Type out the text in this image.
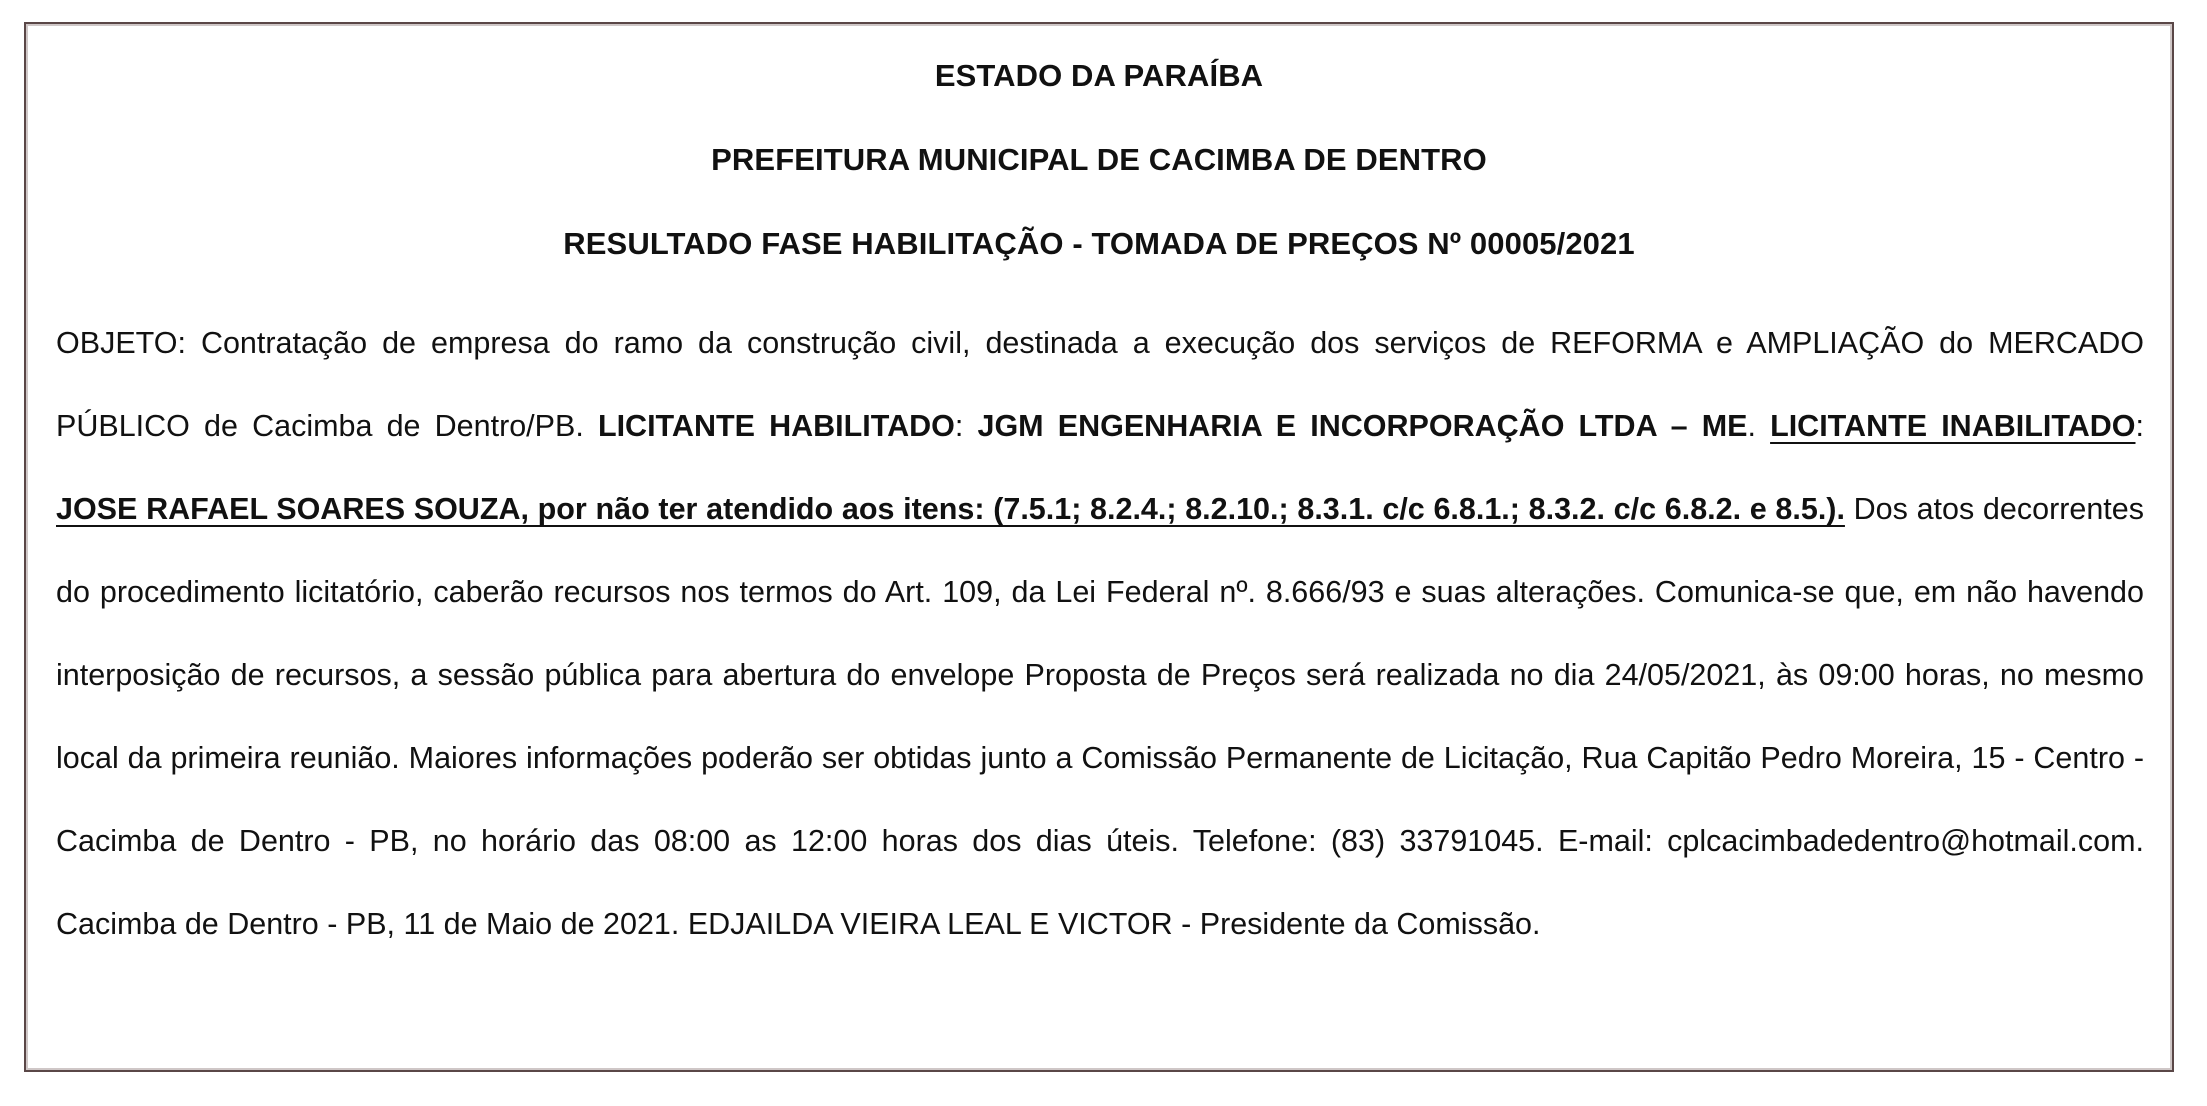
ESTADO DA PARAÍBA
PREFEITURA MUNICIPAL DE CACIMBA DE DENTRO
RESULTADO FASE HABILITAÇÃO - TOMADA DE PREÇOS Nº 00005/2021
OBJETO: Contratação de empresa do ramo da construção civil, destinada a execução dos serviços de REFORMA e AMPLIAÇÃO do MERCADO PÚBLICO de Cacimba de Dentro/PB. LICITANTE HABILITADO: JGM ENGENHARIA E INCORPORAÇÃO LTDA – ME. LICITANTE INABILITADO: JOSE RAFAEL SOARES SOUZA, por não ter atendido aos itens: (7.5.1; 8.2.4.; 8.2.10.; 8.3.1. c/c 6.8.1.; 8.3.2. c/c 6.8.2. e 8.5.). Dos atos decorrentes do procedimento licitatório, caberão recursos nos termos do Art. 109, da Lei Federal nº. 8.666/93 e suas alterações. Comunica-se que, em não havendo interposição de recursos, a sessão pública para abertura do envelope Proposta de Preços será realizada no dia 24/05/2021, às 09:00 horas, no mesmo local da primeira reunião. Maiores informações poderão ser obtidas junto a Comissão Permanente de Licitação, Rua Capitão Pedro Moreira, 15 - Centro - Cacimba de Dentro - PB, no horário das 08:00 as 12:00 horas dos dias úteis. Telefone: (83) 33791045. E-mail: cplcacimbadedentro@hotmail.com. Cacimba de Dentro - PB, 11 de Maio de 2021. EDJAILDA VIEIRA LEAL E VICTOR - Presidente da Comissão.
